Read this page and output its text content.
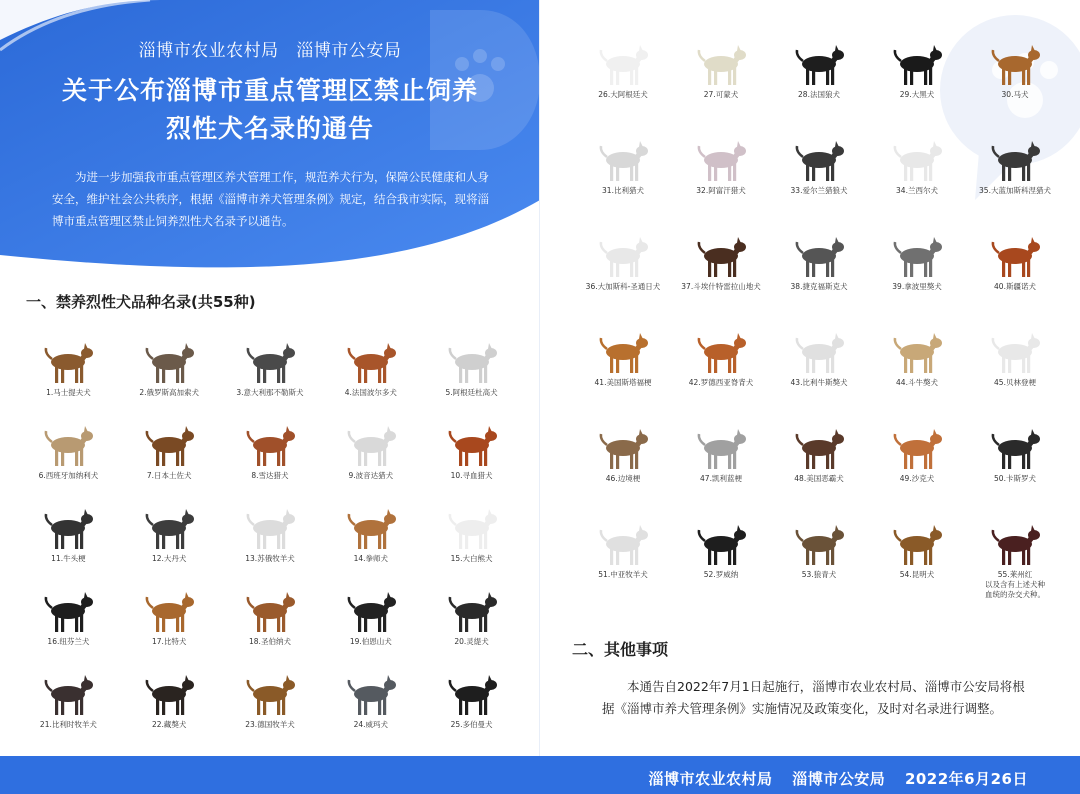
淄博市农业农村局   淄博市公安局
关于公布淄博市重点管理区禁止饲养
烈性犬名录的通告
为进一步加强我市重点管理区养犬管理工作，规范养犬行为，保障公民健康和人身安全，维护社会公共秩序，根据《淄博市养犬管理条例》规定，结合我市实际，现将淄博市重点管理区禁止饲养烈性犬名录予以通告。
一、禁养烈性犬品种名录(共55种)
1.马士提夫犬	2.俄罗斯高加索犬	3.意大利那不勒斯犬	4.法国波尔多犬	5.阿根廷杜高犬
6.西班牙加纳利犬	7.日本土佐犬	8.雪达猎犬	9.波音达猎犬	10.寻血猎犬
11.牛头梗	12.大丹犬	13.苏俄牧羊犬	14.拳师犬	15.大白熊犬
16.纽芬兰犬	17.比特犬	18.圣伯纳犬	19.伯恩山犬	20.灵缇犬
21.比利时牧羊犬	22.藏獒犬	23.德国牧羊犬	24.威玛犬	25.多伯曼犬
26.大阿根廷犬	27.可蒙犬	28.法国狼犬	29.大黑犬	30.马犬
31.比利猎犬	32.阿富汗猎犬	33.爱尔兰猎狼犬	34.兰西尔犬	35.大蓝加斯科涅猎犬
36.大加斯科-圣通日犬	37.斗埃什特雷拉山地犬	38.捷克福斯克犬	39.拿波里獒犬	40.斯疆诺犬
41.美国斯塔福梗	42.罗德西亚脊背犬	43.比利牛斯獒犬	44.斗牛獒犬	45.贝林登梗
46.边境梗	47.凯利蓝梗	48.美国恶霸犬	49.沙克犬	50.卡斯罗犬
51.中亚牧羊犬	52.罗威纳	53.狼青犬	54.昆明犬	55.莱州红
以及含有上述犬种
血统的杂交犬种。
二、其他事项
本通告自2022年7月1日起施行，淄博市农业农村局、淄博市公安局将根据《淄博市养犬管理条例》实施情况及政策变化，及时对名录进行调整。
淄博市农业农村局 淄博市公安局 2022年6月26日
